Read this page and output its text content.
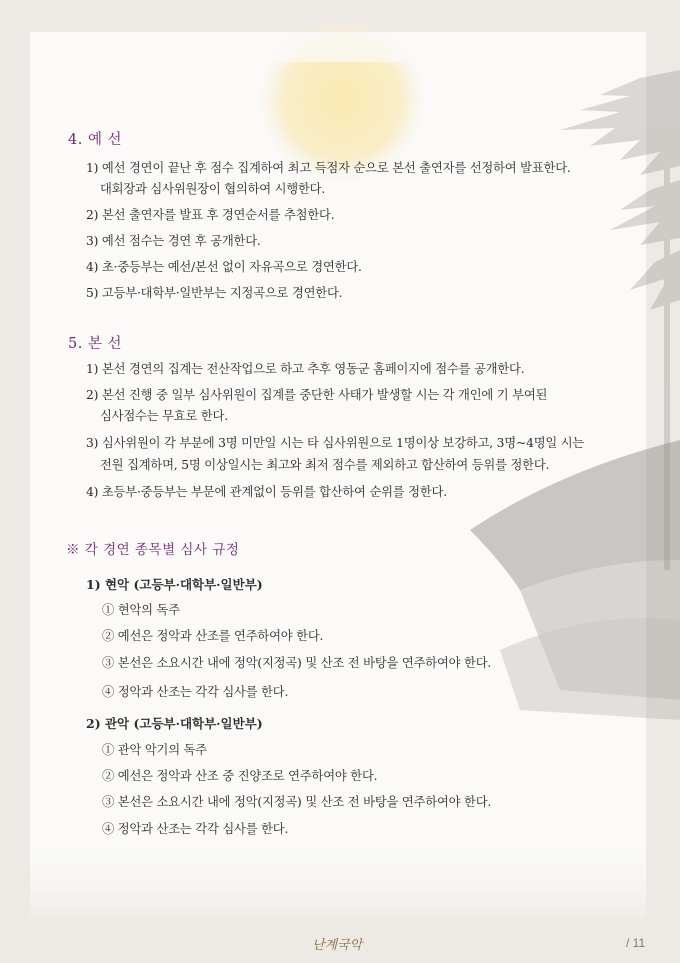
4. 예 선
1) 예선 경연이 끝난 후 점수 집계하여 최고 득점자 순으로 본선 출연자를 선정하여 발표한다.
대회장과 심사위원장이 협의하여 시행한다.
2) 본선 출연자를 발표 후 경연순서를 추첨한다.
3) 예선 점수는 경연 후 공개한다.
4) 초·중등부는 예선/본선 없이 자유곡으로 경연한다.
5) 고등부·대학부·일반부는 지정곡으로 경연한다.
5. 본 선
1) 본선 경연의 집계는 전산작업으로 하고 추후 영동군 홈페이지에 점수를 공개한다.
2) 본선 진행 중 일부 심사위원이 집계를 중단한 사태가 발생할 시는 각 개인에 기 부여된
심사점수는 무효로 한다.
3) 심사위원이 각 부분에 3명 미만일 시는 타 심사위원으로 1명이상 보강하고, 3명~4명일 시는
전원 집계하며, 5명 이상일시는 최고와 최저 점수를 제외하고 합산하여 등위를 정한다.
4) 초등부·중등부는 부문에 관계없이 등위를 합산하여 순위를 정한다.
※ 각 경연 종목별 심사 규정
1) 현악 (고등부·대학부·일반부)
① 현악의 독주
② 예선은 정악과 산조를 연주하여야 한다.
③ 본선은 소요시간 내에 정악(지정곡) 및 산조 전 바탕을 연주하여야 한다.
④ 정악과 산조는 각각 심사를 한다.
2) 관악 (고등부·대학부·일반부)
① 관악 악기의 독주
② 예선은 정악과 산조 중 진양조로 연주하여야 한다.
③ 본선은 소요시간 내에 정악(지정곡) 및 산조 전 바탕을 연주하여야 한다.
④ 정악과 산조는 각각 심사를 한다.
난계국악	/ 11
